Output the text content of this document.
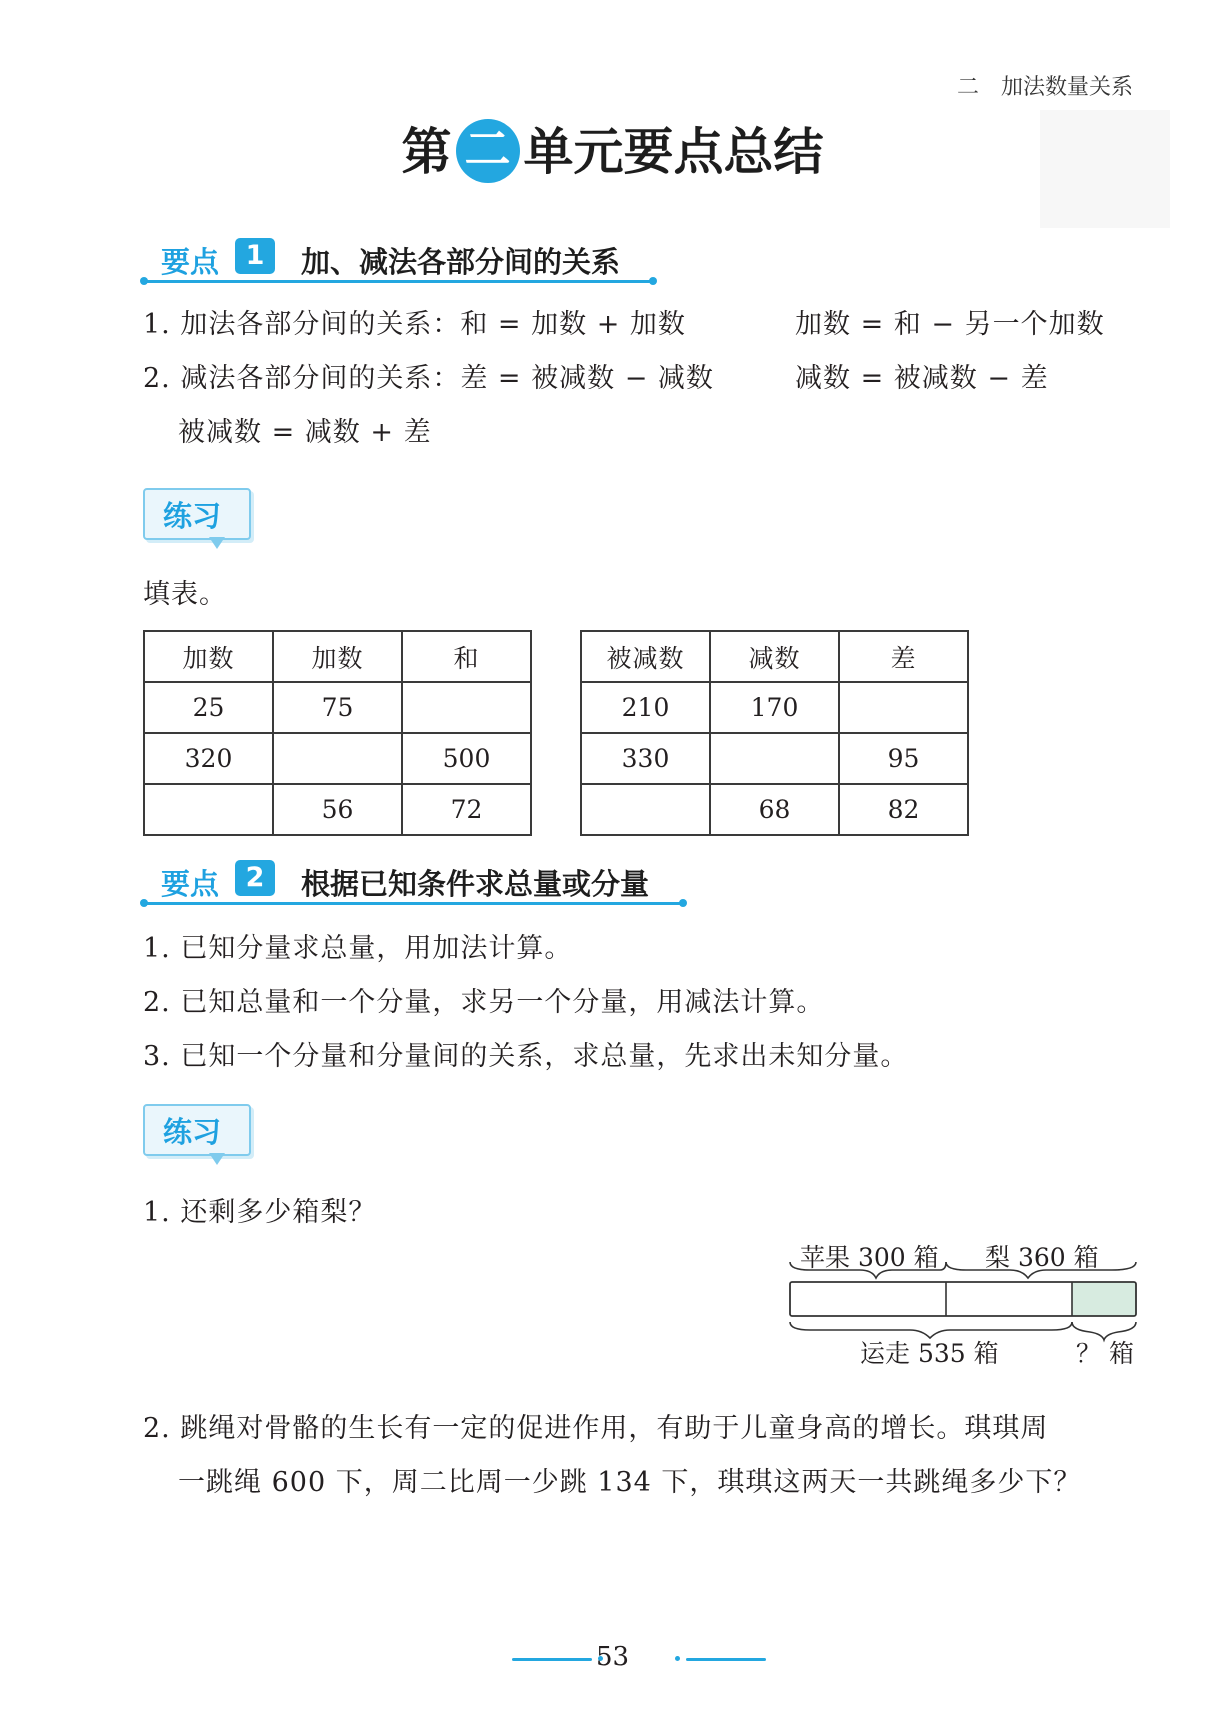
二　加法数量关系
第 二 单元要点总结
要点 1	加、减法各部分间的关系
1. 加法各部分间的关系：和 = 加数 + 加数	加数 = 和 − 另一个加数
2. 减法各部分间的关系：差 = 被减数 − 减数	减数 = 被减数 − 差
被减数 = 减数 + 差
练习
填表。
加数	加数	和
25	75	
320		500
	56	72
被减数	减数	差
210	170	
330		95
	68	82
要点 2	根据已知条件求总量或分量
1. 已知分量求总量，用加法计算。
2. 已知总量和一个分量，求另一个分量，用减法计算。
3. 已知一个分量和分量间的关系，求总量，先求出未知分量。
练习
1. 还剩多少箱梨？
苹果 300 箱 梨 360 箱
运走 535 箱	？ 箱
2. 跳绳对骨骼的生长有一定的促进作用，有助于儿童身高的增长。琪琪周
一跳绳 600 下，周二比周一少跳 134 下，琪琪这两天一共跳绳多少下？
53
